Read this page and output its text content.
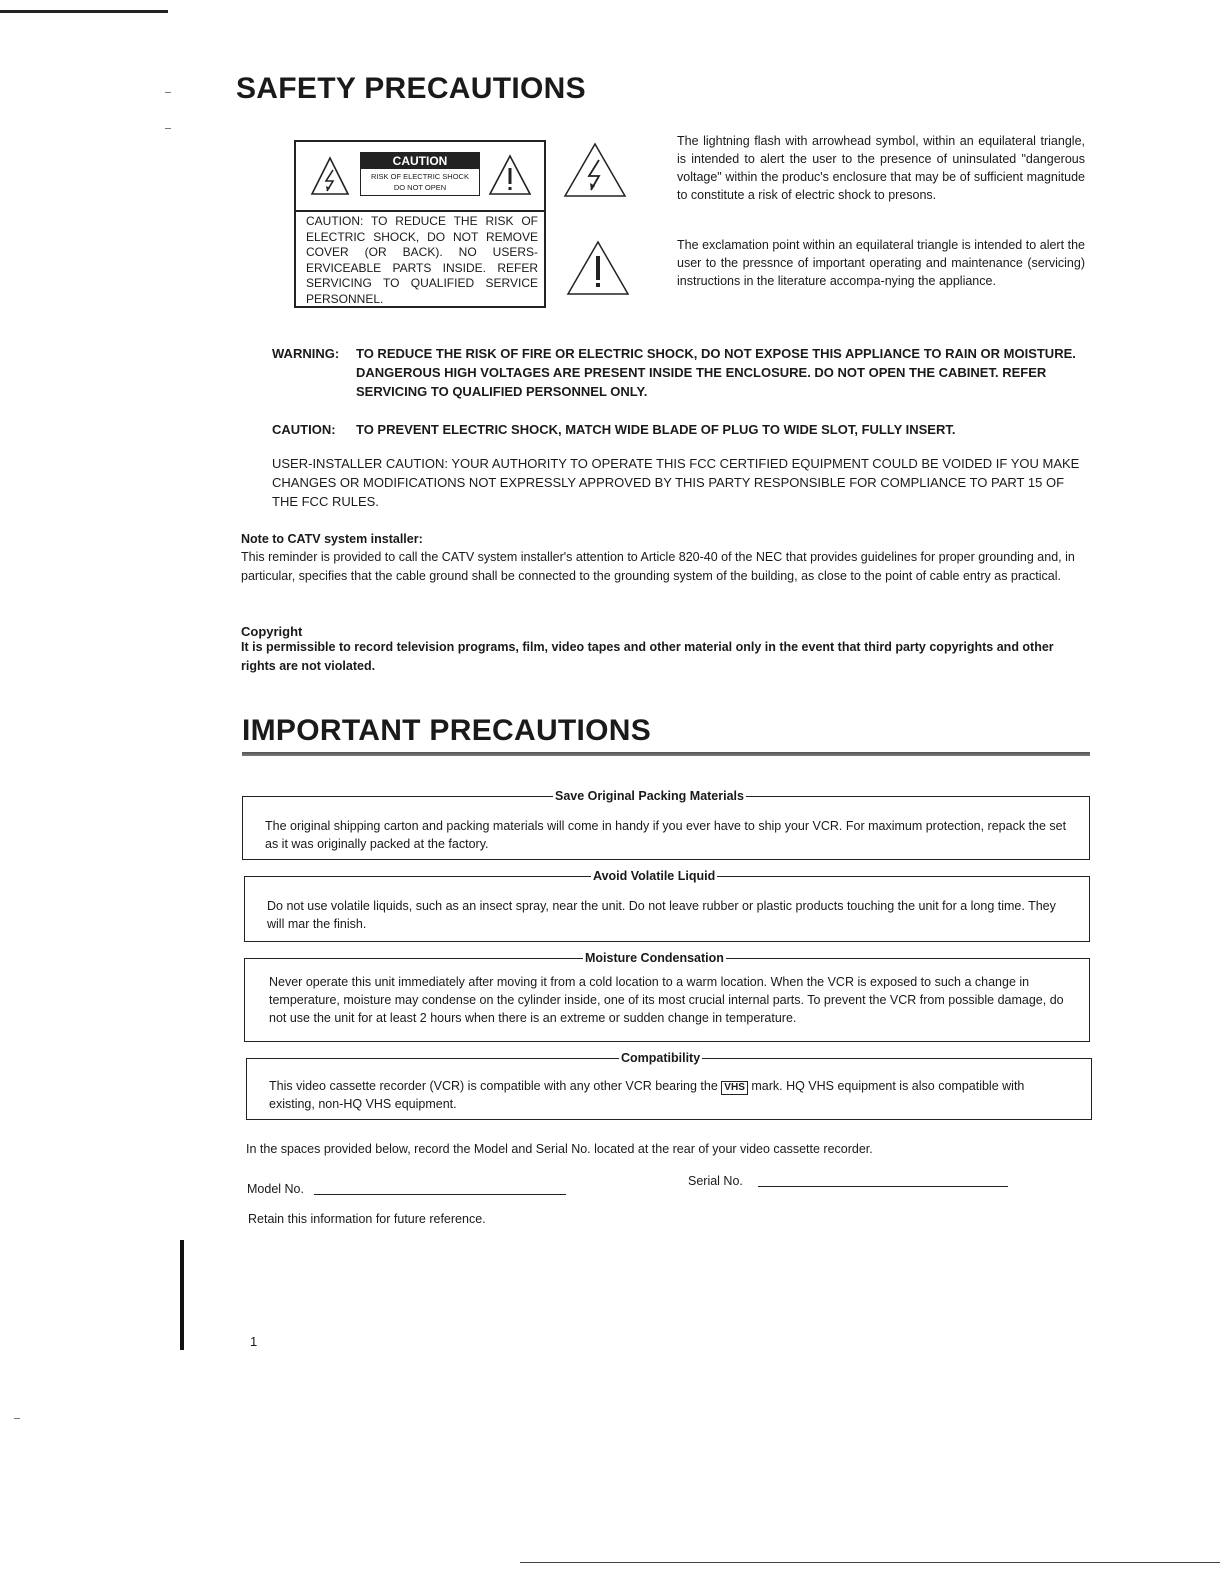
SAFETY PRECAUTIONS
CAUTION
RISK OF ELECTRIC SHOCK
DO NOT OPEN
CAUTION: TO REDUCE THE RISK OF ELECTRIC SHOCK, DO NOT REMOVE COVER (OR BACK). NO USERS-ERVICEABLE PARTS INSIDE. REFER SERVICING TO QUALIFIED SERVICE PERSONNEL.

The lightning flash with arrowhead symbol, within an equilateral triangle, is intended to alert the user to the presence of uninsulated "dangerous voltage" within the produc's enclosure that may be of sufficient magnitude to constitute a risk of electric shock to presons.

The exclamation point within an equilateral triangle is intended to alert the user to the pressnce of important operating and maintenance (servicing) instructions in the literature accompa-nying the appliance.

WARNING: TO REDUCE THE RISK OF FIRE OR ELECTRIC SHOCK, DO NOT EXPOSE THIS APPLIANCE TO RAIN OR MOISTURE. DANGEROUS HIGH VOLTAGES ARE PRESENT INSIDE THE ENCLOSURE. DO NOT OPEN THE CABINET. REFER SERVICING TO QUALIFIED PERSONNEL ONLY.
CAUTION: TO PREVENT ELECTRIC SHOCK, MATCH WIDE BLADE OF PLUG TO WIDE SLOT, FULLY INSERT.

USER-INSTALLER CAUTION: YOUR AUTHORITY TO OPERATE THIS FCC CERTIFIED EQUIPMENT COULD BE VOIDED IF YOU MAKE CHANGES OR MODIFICATIONS NOT EXPRESSLY APPROVED BY THIS PARTY RESPONSIBLE FOR COMPLIANCE TO PART 15 OF THE FCC RULES.

Note to CATV system installer:

This reminder is provided to call the CATV system installer's attention to Article 820-40 of the NEC that provides guidelines for proper grounding and, in particular, specifies that the cable ground shall be connected to the grounding system of the building, as close to the point of cable entry as practical.

Copyright

It is permissible to record television programs, film, video tapes and other material only in the event that third party copyrights and other rights are not violated.

IMPORTANT PRECAUTIONS
Save Original Packing Materials

The original shipping carton and packing materials will come in handy if you ever have to ship your VCR. For maximum protection, repack the set as it was originally packed at the factory.

Avoid Volatile Liquid

Do not use volatile liquids, such as an insect spray, near the unit. Do not leave rubber or plastic products touching the unit for a long time. They will mar the finish.

Moisture Condensation

Never operate this unit immediately after moving it from a cold location to a warm location. When the VCR is exposed to such a change in temperature, moisture may condense on the cylinder inside, one of its most crucial internal parts. To prevent the VCR from possible damage, do not use the unit for at least 2 hours when there is an extreme or sudden change in temperature.

Compatibility

This video cassette recorder (VCR) is compatible with any other VCR bearing the VHS mark. HQ VHS equipment is also compatible with existing, non-HQ VHS equipment.

In the spaces provided below, record the Model and Serial No. located at the rear of your video cassette recorder.
Model No.
Serial No.
Retain this information for future reference.
1
